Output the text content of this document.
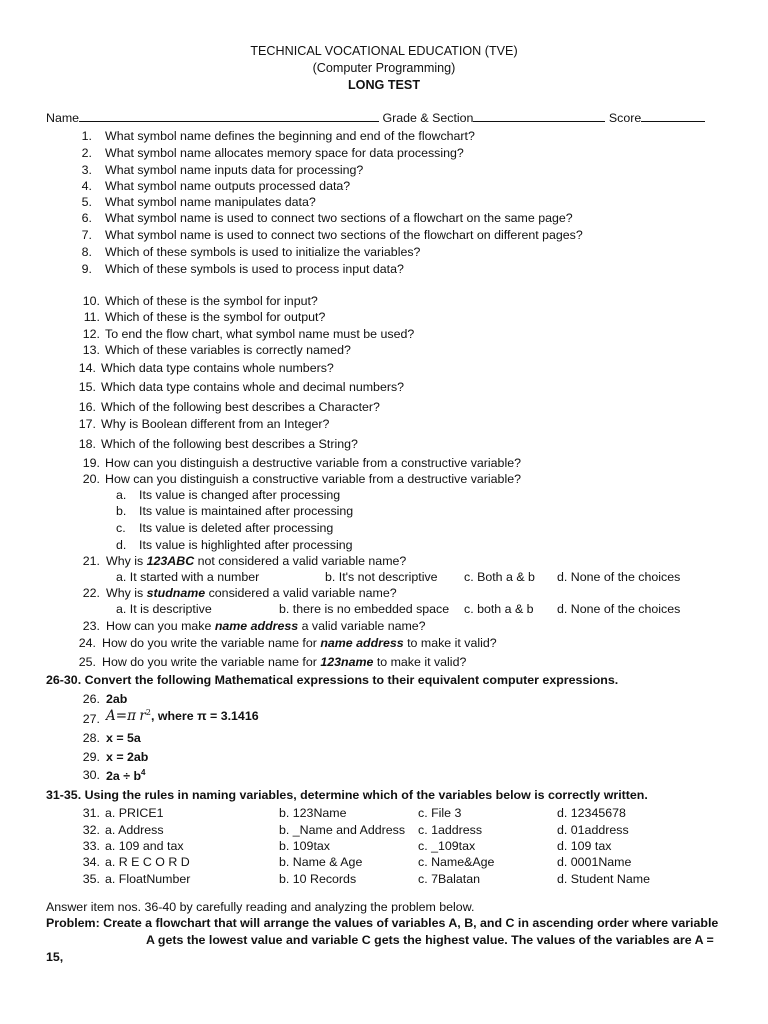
TECHNICAL VOCATIONAL EDUCATION (TVE)
(Computer Programming)
LONG TEST
Name	Grade & Section	Score
1. What symbol name defines the beginning and end of the flowchart?
2. What symbol name allocates memory space for data processing?
3. What symbol name inputs data for processing?
4. What symbol name outputs processed data?
5. What symbol name manipulates data?
6. What symbol name is used to connect two sections of a flowchart on the same page?
7. What symbol name is used to connect two sections of the flowchart on different pages?
8. Which of these symbols is used to initialize the variables?
9. Which of these symbols is used to process input data?
10. Which of these is the symbol for input?
11. Which of these is the symbol for output?
12. To end the flow chart, what symbol name must be used?
13. Which of these variables is correctly named?
14. Which data type contains whole numbers?
15. Which data type contains whole and decimal numbers?
16. Which of the following best describes a Character?
17. Why is Boolean different from an Integer?
18. Which of the following best describes a String?
19. How can you distinguish a destructive variable from a constructive variable?
20. How can you distinguish a constructive variable from a destructive variable?
a. Its value is changed after processing
b. Its value is maintained after processing
c. Its value is deleted after processing
d. Its value is highlighted after processing
21. Why is 123ABC not considered a valid variable name?
a. It started with a number	b. It's not descriptive c. Both a & b d. None of the choices
22. Why is studname considered a valid variable name?
a. It is descriptive	b. there is no embedded space c. both a & b d. None of the choices
23. How can you make name address a valid variable name?
24. How do you write the variable name for name address to make it valid?
25. How do you write the variable name for 123name to make it valid?
26-30. Convert the following Mathematical expressions to their equivalent computer expressions.
26. 2ab
27. A=π $r^2$, where π = 3.1416
28. x = 5a
29. x = 2ab
30. $2a \div b^4$
31-35. Using the rules in naming variables, determine which of the variables below is correctly written.
31. a. PRICE1	b. 123Name	c. File 3	d. 12345678
32. a. Address	b. _Name and Address c. 1address	d. 01address
33. a. 109 and tax	b. 109tax	c. _109tax	d. 109 tax
34. a. R E C O R D	b. Name & Age	c. Name&Age	d. 0001Name
35. a. FloatNumber	b. 10 Records	c. 7Balatan	d. Student Name
Answer item nos. 36-40 by carefully reading and analyzing the problem below.
Problem: Create a flowchart that will arrange the values of variables A, B, and C in ascending order where variable
A gets the lowest value and variable C gets the highest value. The values of the variables are A =
15,
